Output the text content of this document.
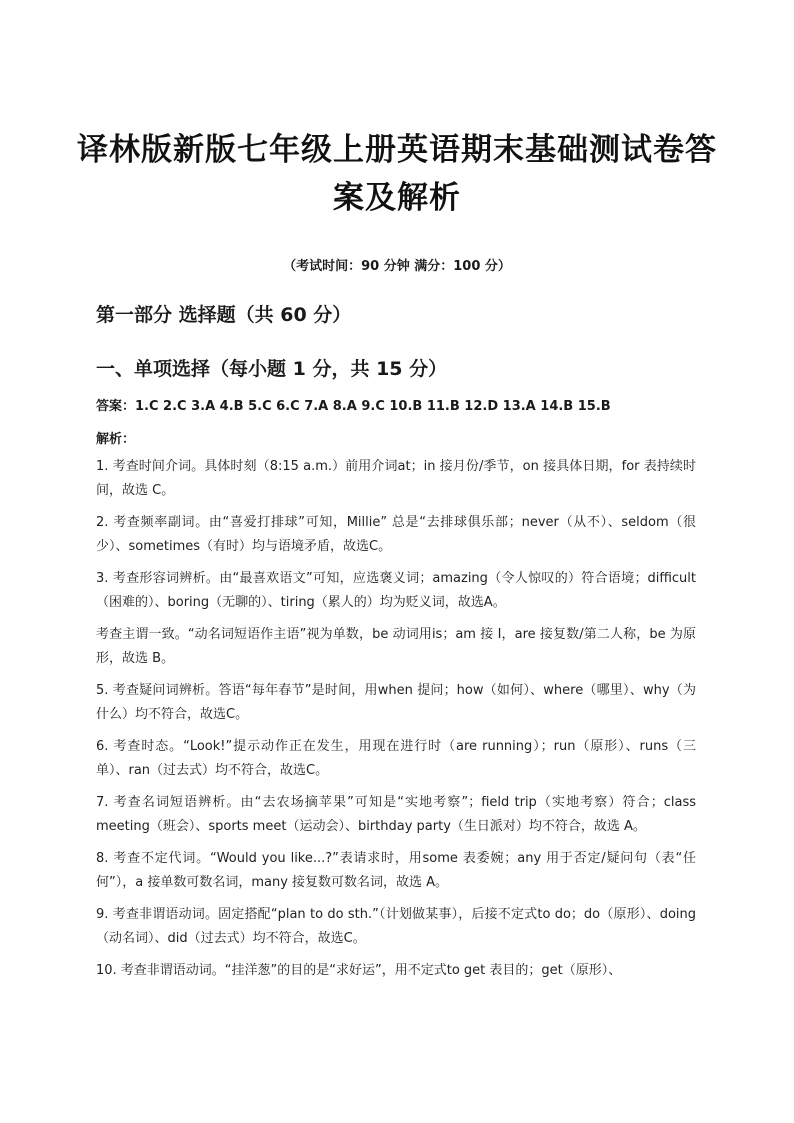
译林版新版七年级上册英语期末基础测试卷答
案及解析
（考试时间：90 分钟 满分：100 分）
第一部分 选择题（共 60 分）
一、单项选择（每小题 1 分，共 15 分）
答案：1.C 2.C 3.A 4.B 5.C 6.C 7.A 8.A 9.C 10.B 11.B 12.D 13.A 14.B 15.B
解析：

1. 考查时间介词。具体时刻（8:15 a.m.）前用介词at；in 接月份/季节，on 接具体日期，for 表持续时间，故选 C。

2. 考查频率副词。由“喜爱打排球”可知，Millie” 总是“去排球俱乐部；never（从不）、seldom（很少）、sometimes（有时）均与语境矛盾，故选C。

3. 考查形容词辨析。由“最喜欢语文”可知，应选褒义词；amazing（令人惊叹的）符合语境；difficult（困难的）、boring（无聊的）、tiring（累人的）均为贬义词，故选A。

考查主谓一致。“动名词短语作主语”视为单数，be 动词用is；am 接 I，are 接复数/第二人称，be 为原形，故选 B。

5. 考查疑问词辨析。答语“每年春节”是时间，用when 提问；how（如何）、where（哪里）、why（为什么）均不符合，故选C。

6. 考查时态。“Look!”提示动作正在发生，用现在进行时（are running）；run（原形）、runs（三单）、ran（过去式）均不符合，故选C。

7. 考查名词短语辨析。由“去农场摘苹果”可知是“实地考察”；field trip（实地考察）符合；class meeting（班会）、sports meet（运动会）、birthday party（生日派对）均不符合，故选 A。

8. 考查不定代词。“Would you like...?”表请求时，用some 表委婉；any 用于否定/疑问句（表“任何”），a 接单数可数名词，many 接复数可数名词，故选 A。

9. 考查非谓语动词。固定搭配“plan to do sth.”（计划做某事），后接不定式to do；do（原形）、doing（动名词）、did（过去式）均不符合，故选C。

10. 考查非谓语动词。“挂洋葱”的目的是“求好运”，用不定式to get 表目的；get（原形）、
